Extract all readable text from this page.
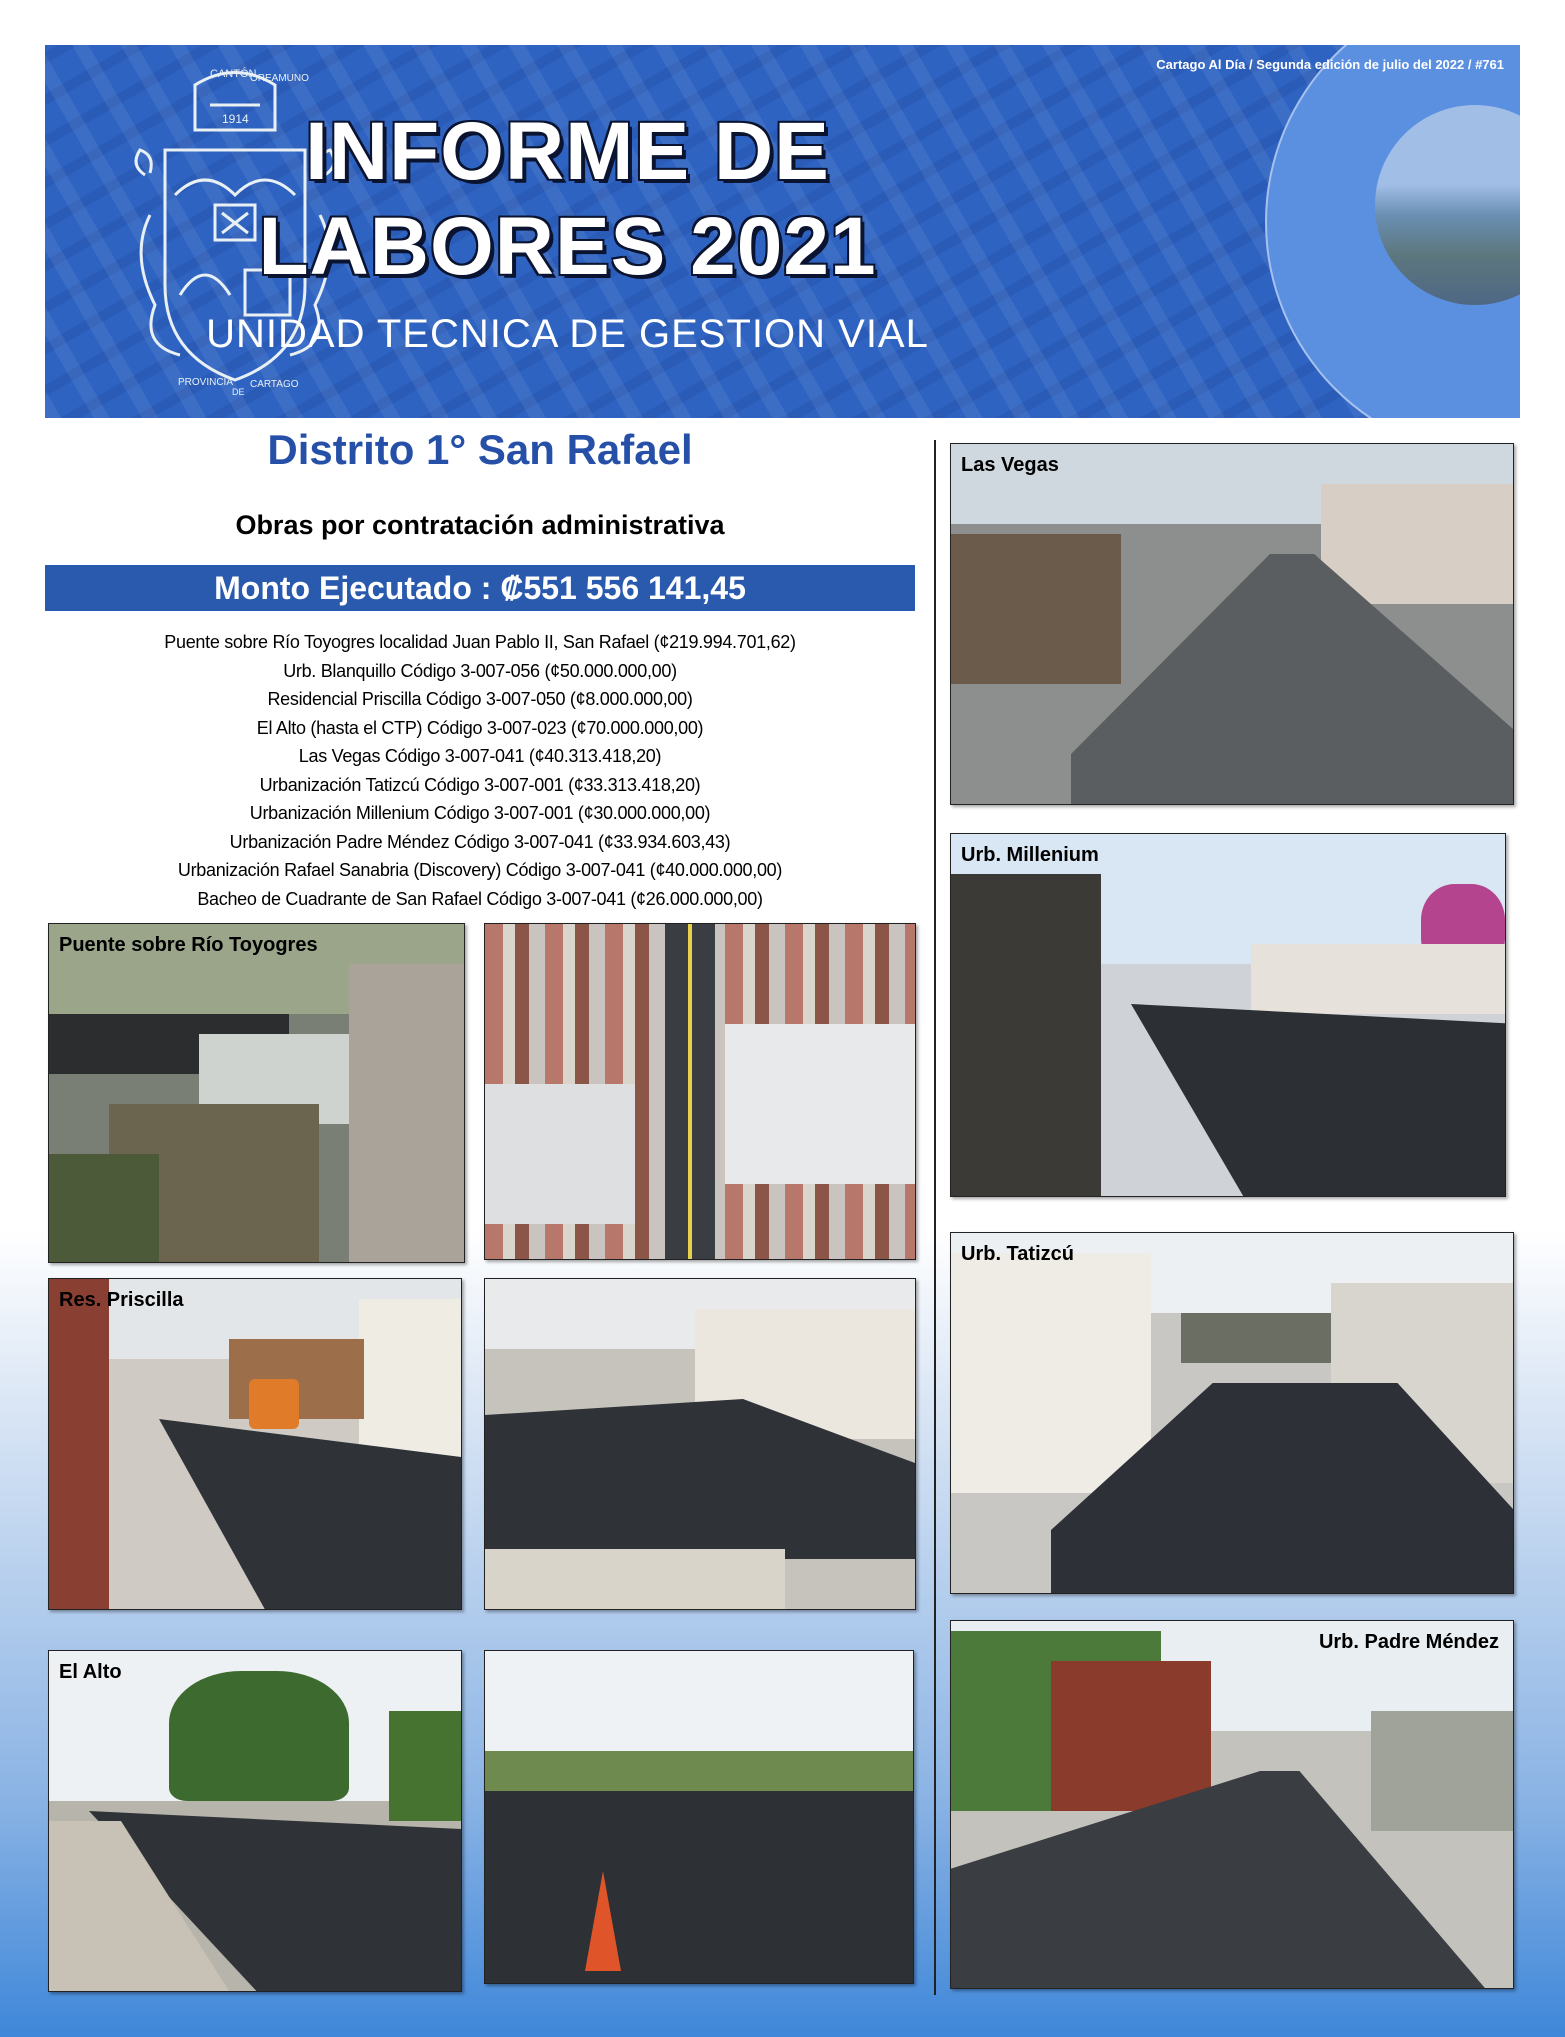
CANTÓN
OREAMUNO
1914
PROVINCIA
DE
CARTAGO
Cartago Al Día / Segunda edición de julio del 2022 / #761
INFORME DE
LABORES 2021
UNIDAD TECNICA DE GESTION VIAL
Distrito 1° San Rafael
Obras por contratación administrativa
Monto Ejecutado : ₡551 556 141,45
Puente sobre Río Toyogres localidad Juan Pablo II, San Rafael (¢219.994.701,62)
Urb. Blanquillo Código 3-007-056 (¢50.000.000,00)
Residencial Priscilla Código 3-007-050 (¢8.000.000,00)
El Alto (hasta el CTP) Código 3-007-023 (¢70.000.000,00)
Las Vegas Código 3-007-041 (¢40.313.418,20)
Urbanización Tatizcú Código 3-007-001 (¢33.313.418,20)
Urbanización Millenium Código 3-007-001 (¢30.000.000,00)
Urbanización Padre Méndez Código 3-007-041 (¢33.934.603,43)
Urbanización Rafael Sanabria (Discovery) Código 3-007-041 (¢40.000.000,00)
Bacheo de Cuadrante de San Rafael Código 3-007-041 (¢26.000.000,00)
Puente sobre Río Toyogres
Res. Priscilla
El Alto
Las Vegas
Urb. Millenium
Urb. Tatizcú
Urb. Padre Méndez
